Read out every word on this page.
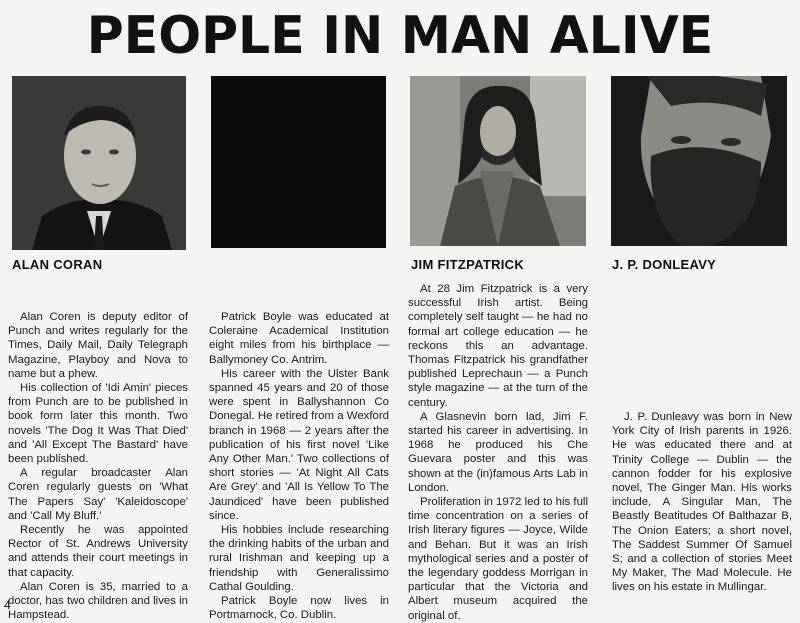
PEOPLE IN MAN ALIVE
ALAN CORAN	JIM FITZPATRICK	J. P. DONLEAVY

Alan Coren is deputy editor of Punch and writes regularly for the Times, Daily Mail, Daily Telegraph Magazine, Playboy and Nova to name but a phew.

His collection of 'Idi Amin' pieces from Punch are to be published in book form later this month. Two novels 'The Dog It Was That Died' and 'All Except The Bastard' have been published.

A regular broadcaster Alan Coren regularly guests on 'What The Papers Say' 'Kaleidoscope' and 'Call My Bluff.'

Recently he was appointed Rector of St. Andrews University and attends their court meetings in that capacity.

Alan Coren is 35, married to a doctor, has two children and lives in Hampstead.

Patrick Boyle was educated at Coleraine Academical Institution eight miles from his birthplace — Ballymoney Co. Antrim.

His career with the Ulster Bank spanned 45 years and 20 of those were spent in Ballyshannon Co Donegal. He retired from a Wexford branch in 1968 — 2 years after the publication of his first novel 'Like Any Other Man.' Two collections of short stories — 'At Night All Cats Are Grey' and 'All Is Yellow To The Jaundiced' have been published since.

His hobbies include researching the drinking habits of the urban and rural Irishman and keeping up a friendship with Generalissimo Cathal Goulding.

Patrick Boyle now lives in Portmarnock, Co. Dublin.

At 28 Jim Fitzpatrick is a very successful Irish artist. Being completely self taught — he had no formal art college education — he reckons this an advantage. Thomas Fitzpatrick his grandfather published Leprechaun — a Punch style magazine — at the turn of the century.

A Glasnevin born lad, Jim F. started his career in advertising. In 1968 he produced his Che Guevara poster and this was shown at the (in)famous Arts Lab in London.

Proliferation in 1972 led to his full time concentration on a series of Irish literary figures — Joyce, Wilde and Behan. But it was an Irish mythological series and a poster of the legendary goddess Morrigan in particular that the Victoria and Albert museum acquired the original of.

J. P. Dunleavy was born in New York City of Irish parents in 1926. He was educated there and at Trinity College — Dublin — the cannon fodder for his explosive novel, The Ginger Man. His works include, A Singular Man, The Beastly Beatitudes Of Balthazar B, The Onion Eaters; a short novel, The Saddest Summer Of Samuel S; and a collection of stories Meet My Maker, The Mad Molecule. He lives on his estate in Mullingar.

4
